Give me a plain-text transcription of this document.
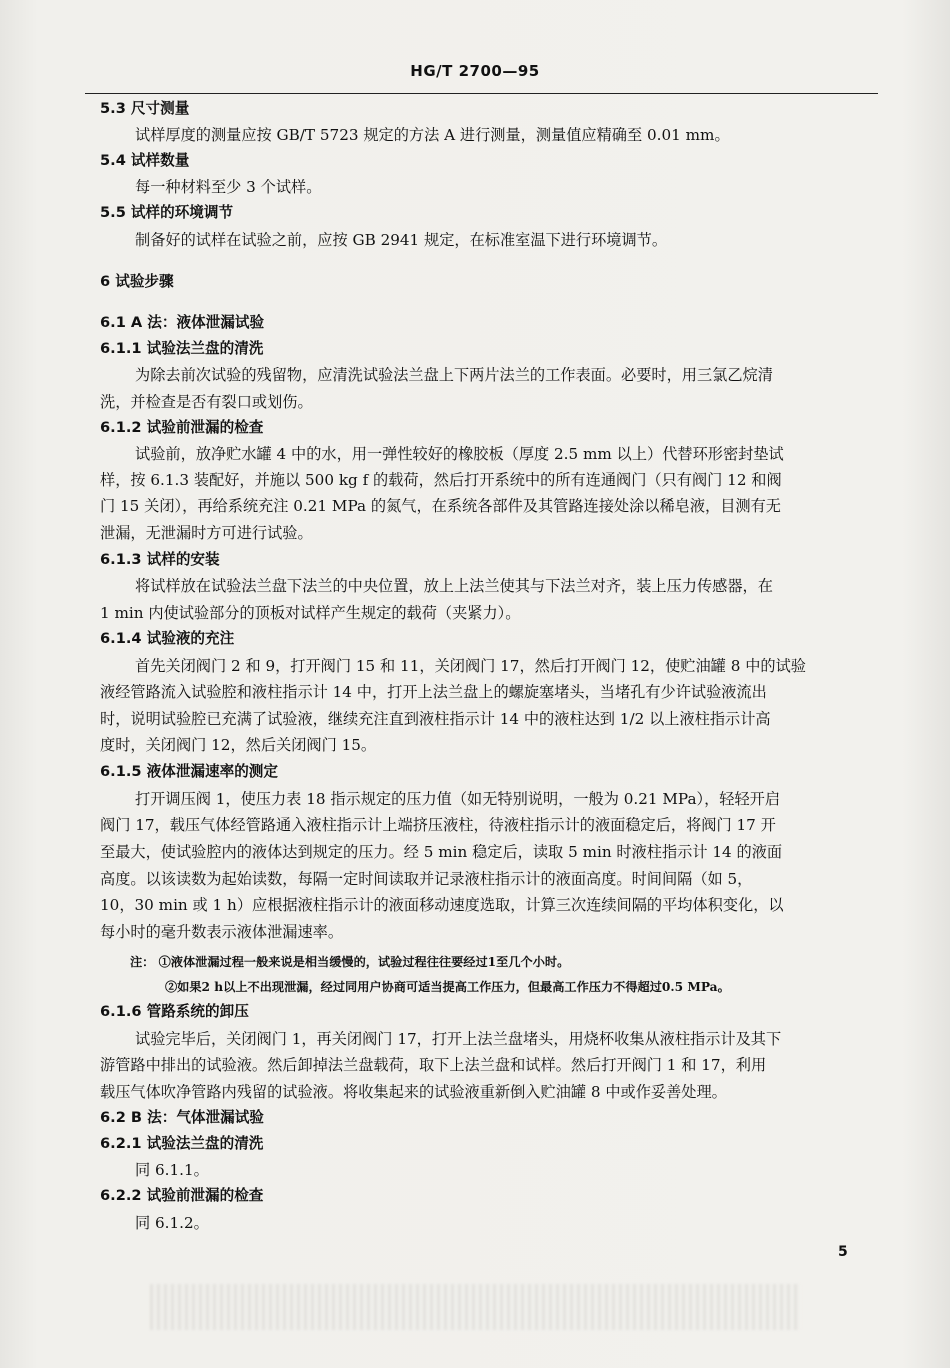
HG/T 2700—95
5.3 尺寸测量
试样厚度的测量应按 GB/T 5723 规定的方法 A 进行测量，测量值应精确至 0.01 mm。
5.4 试样数量
每一种材料至少 3 个试样。
5.5 试样的环境调节
制备好的试样在试验之前，应按 GB 2941 规定，在标准室温下进行环境调节。
6 试验步骤
6.1 A 法：液体泄漏试验
6.1.1 试验法兰盘的清洗
为除去前次试验的残留物，应清洗试验法兰盘上下两片法兰的工作表面。必要时，用三氯乙烷清
洗，并检查是否有裂口或划伤。
6.1.2 试验前泄漏的检查
试验前，放净贮水罐 4 中的水，用一弹性较好的橡胶板（厚度 2.5 mm 以上）代替环形密封垫试
样，按 6.1.3 装配好，并施以 500 kg f 的载荷，然后打开系统中的所有连通阀门（只有阀门 12 和阀
门 15 关闭），再给系统充注 0.21 MPa 的氮气，在系统各部件及其管路连接处涂以稀皂液，目测有无
泄漏，无泄漏时方可进行试验。
6.1.3 试样的安装
将试样放在试验法兰盘下法兰的中央位置，放上上法兰使其与下法兰对齐，装上压力传感器，在
1 min 内使试验部分的顶板对试样产生规定的载荷（夹紧力）。
6.1.4 试验液的充注
首先关闭阀门 2 和 9，打开阀门 15 和 11，关闭阀门 17，然后打开阀门 12，使贮油罐 8 中的试验
液经管路流入试验腔和液柱指示计 14 中，打开上法兰盘上的螺旋塞堵头，当堵孔有少许试验液流出
时，说明试验腔已充满了试验液，继续充注直到液柱指示计 14 中的液柱达到 1/2 以上液柱指示计高
度时，关闭阀门 12，然后关闭阀门 15。
6.1.5 液体泄漏速率的测定
打开调压阀 1，使压力表 18 指示规定的压力值（如无特别说明，一般为 0.21 MPa），轻轻开启
阀门 17，载压气体经管路通入液柱指示计上端挤压液柱，待液柱指示计的液面稳定后，将阀门 17 开
至最大，使试验腔内的液体达到规定的压力。经 5 min 稳定后，读取 5 min 时液柱指示计 14 的液面
高度。以该读数为起始读数，每隔一定时间读取并记录液柱指示计的液面高度。时间间隔（如 5，
10，30 min 或 1 h）应根据液柱指示计的液面移动速度选取，计算三次连续间隔的平均体积变化，以
每小时的毫升数表示液体泄漏速率。
注： ①液体泄漏过程一般来说是相当缓慢的，试验过程往往要经过1至几个小时。
②如果2 h以上不出现泄漏，经过同用户协商可适当提高工作压力，但最高工作压力不得超过0.5 MPa。
6.1.6 管路系统的卸压
试验完毕后，关闭阀门 1，再关闭阀门 17，打开上法兰盘堵头，用烧杯收集从液柱指示计及其下
游管路中排出的试验液。然后卸掉法兰盘载荷，取下上法兰盘和试样。然后打开阀门 1 和 17，利用
载压气体吹净管路内残留的试验液。将收集起来的试验液重新倒入贮油罐 8 中或作妥善处理。
6.2 B 法：气体泄漏试验
6.2.1 试验法兰盘的清洗
同 6.1.1。
6.2.2 试验前泄漏的检查
同 6.1.2。
5
